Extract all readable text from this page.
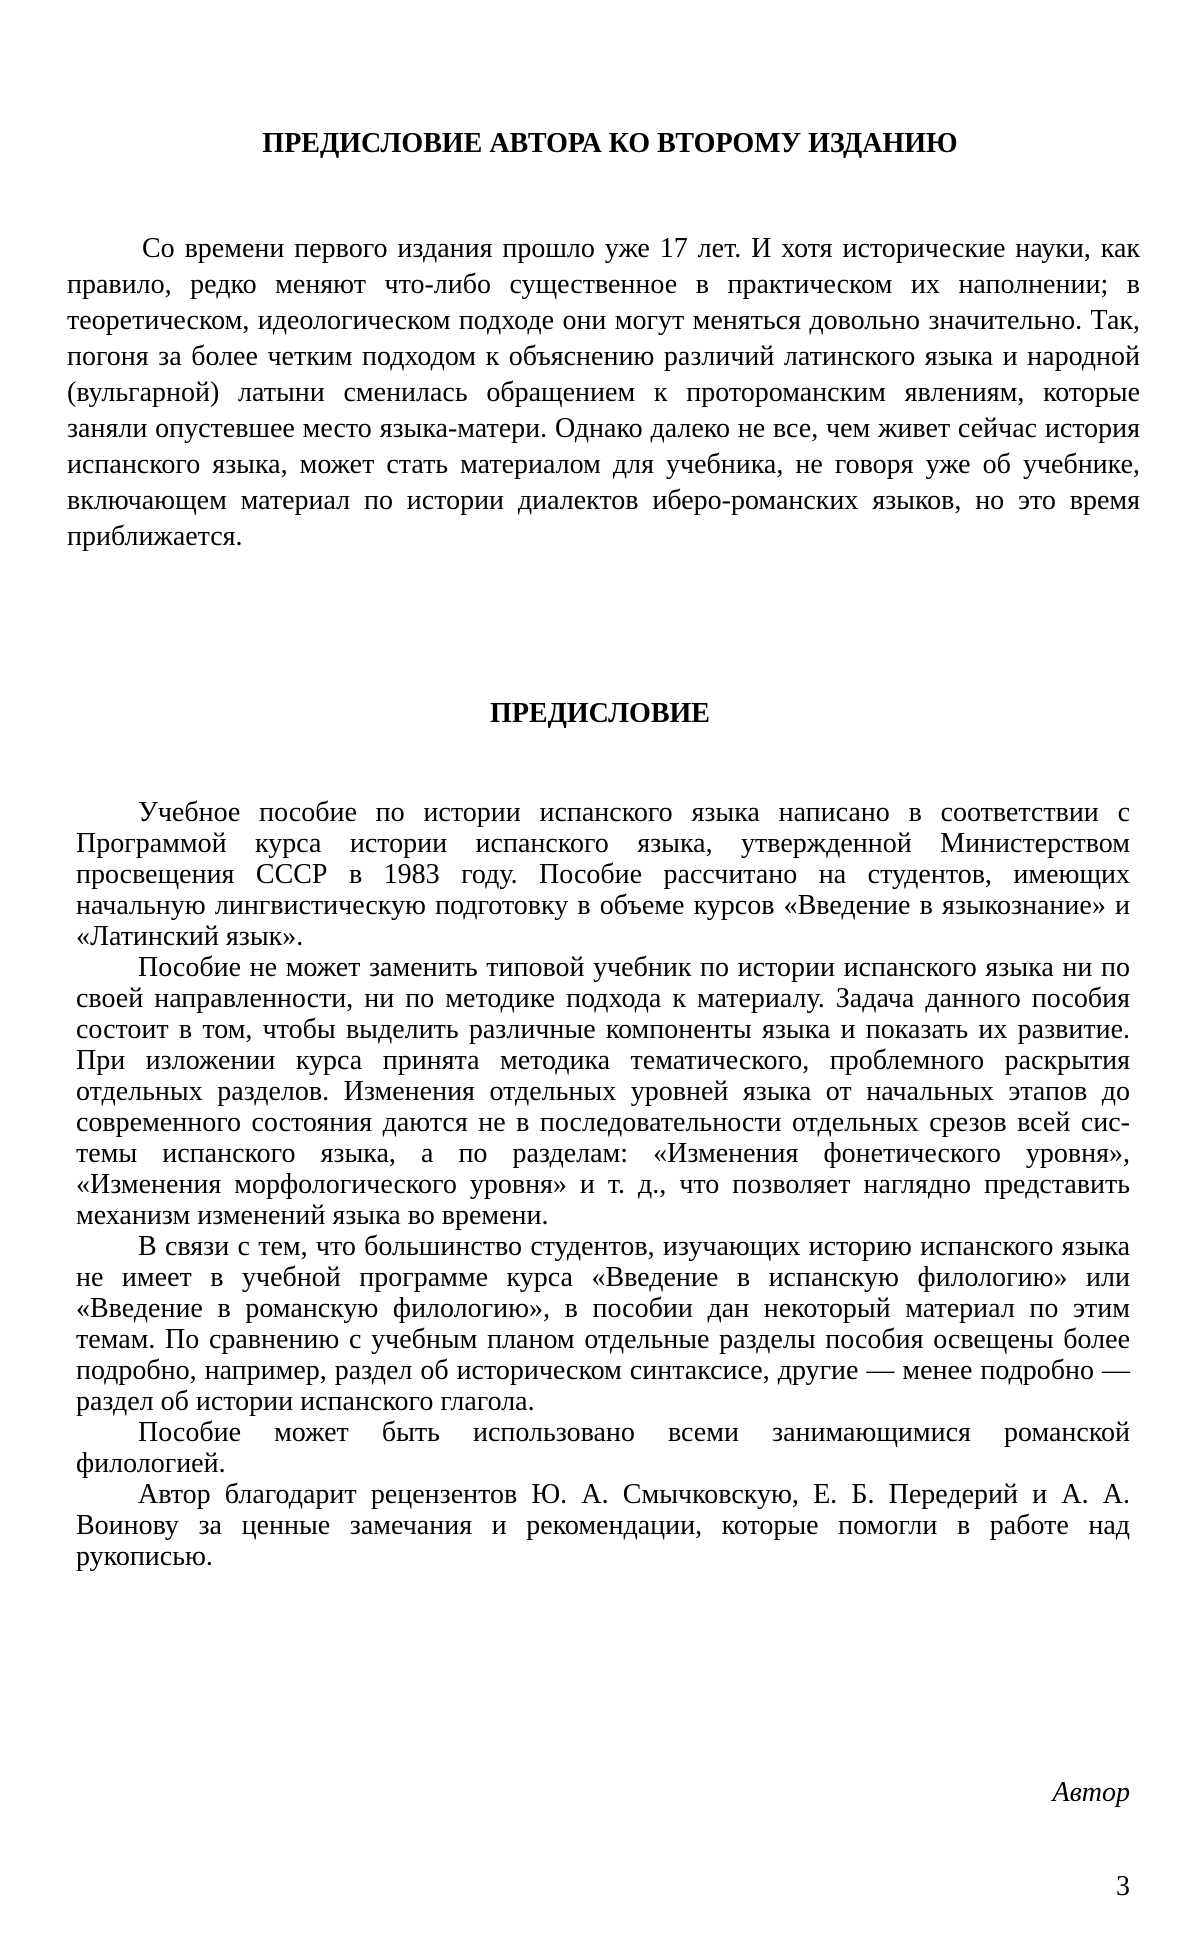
ПРЕДИСЛОВИЕ АВТОРА КО ВТОРОМУ ИЗДАНИЮ

Со времени первого издания прошло уже 17 лет. И хотя исторические науки, как правило, редко меняют что-либо существенное в практическом их наполнении; в теоретическом, идеологическом подходе они могут меняться довольно значительно. Так, погоня за более четким подходом к объяснению различий латинского языка и народной (вульгарной) латыни сменилась обращением к протороманским явлениям, которые заняли опустевшее место языка-матери. Однако далеко не все, чем живет сейчас история испанского языка, может стать материалом для учебника, не говоря уже об учебнике, включающем материал по истории диалектов иберо-романских языков, но это время приближается.

ПРЕДИСЛОВИЕ

Учебное пособие по истории испанского языка написано в соответствии с Программой курса истории испанского языка, утвержденной Министерством просвещения СССР в 1983 году. Пособие рассчитано на студентов, имеющих начальную лингвистическую подготовку в объеме курсов «Введение в языкознание» и «Латинский язык».

Пособие не может заменить типовой учебник по истории испанского языка ни по своей направленности, ни по методике подхода к материалу. Задача данного пособия состоит в том, чтобы выделить различные компоненты языка и показать их развитие. При изложении курса принята методика тематического, проблемного раскрытия отдельных разделов. Изменения отдельных уровней языка от начальных этапов до современного состояния даются не в последовательности отдельных срезов всей системы испанского языка, а по разделам: «Изменения фонетического уровня», «Изменения морфологического уровня» и т. д., что позволяет наглядно представить механизм изменений языка во времени.

В связи с тем, что большинство студентов, изучающих историю испанского языка не имеет в учебной программе курса «Введение в испанскую филологию» или «Введение в романскую филологию», в пособии дан некоторый материал по этим темам. По сравнению с учебным планом отдельные разделы пособия освещены более подробно, например, раздел об историческом синтаксисе, другие — менее подробно — раздел об истории испанского глагола.

Пособие может быть использовано всеми занимающимися романской филологией.

Автор благодарит рецензентов Ю. А. Смычковскую, Е. Б. Передерий и А. А. Воинову за ценные замечания и рекомендации, которые помогли в работе над рукописью.

Автор
3
